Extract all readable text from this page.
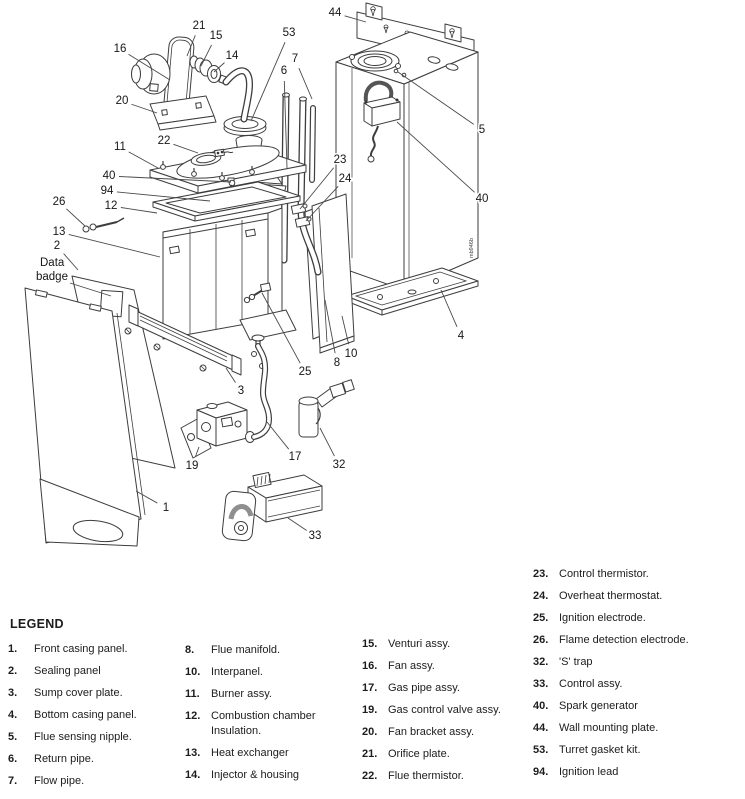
mb946b
Data
badge
1
2
3
4
5
6
7
8
10
11
12
13
14
15
16
17
19
20
21
22
23
24
25
26
32
33
40
40
44
53
94
LEGEND
1.	Front casing panel.
2.	Sealing panel
3.	Sump cover plate.
4.	Bottom casing panel.
5.	Flue sensing nipple.
6.	Return pipe.
7.	Flow pipe.
8.	Flue manifold.
10. Interpanel.
11.	Burner assy.
12. Combustion chamber Insulation.
13. Heat exchanger
14. Injector & housing
15. Venturi assy.
16. Fan assy.
17. Gas pipe assy.
19. Gas control valve assy.
20. Fan bracket assy.
21. Orifice plate.
22. Flue thermistor.
23. Control thermistor.
24. Overheat thermostat.
25. Ignition electrode.
26. Flame detection electrode.
32. 'S' trap
33. Control assy.
40. Spark generator
44. Wall mounting plate.
53. Turret gasket kit.
94. Ignition lead
